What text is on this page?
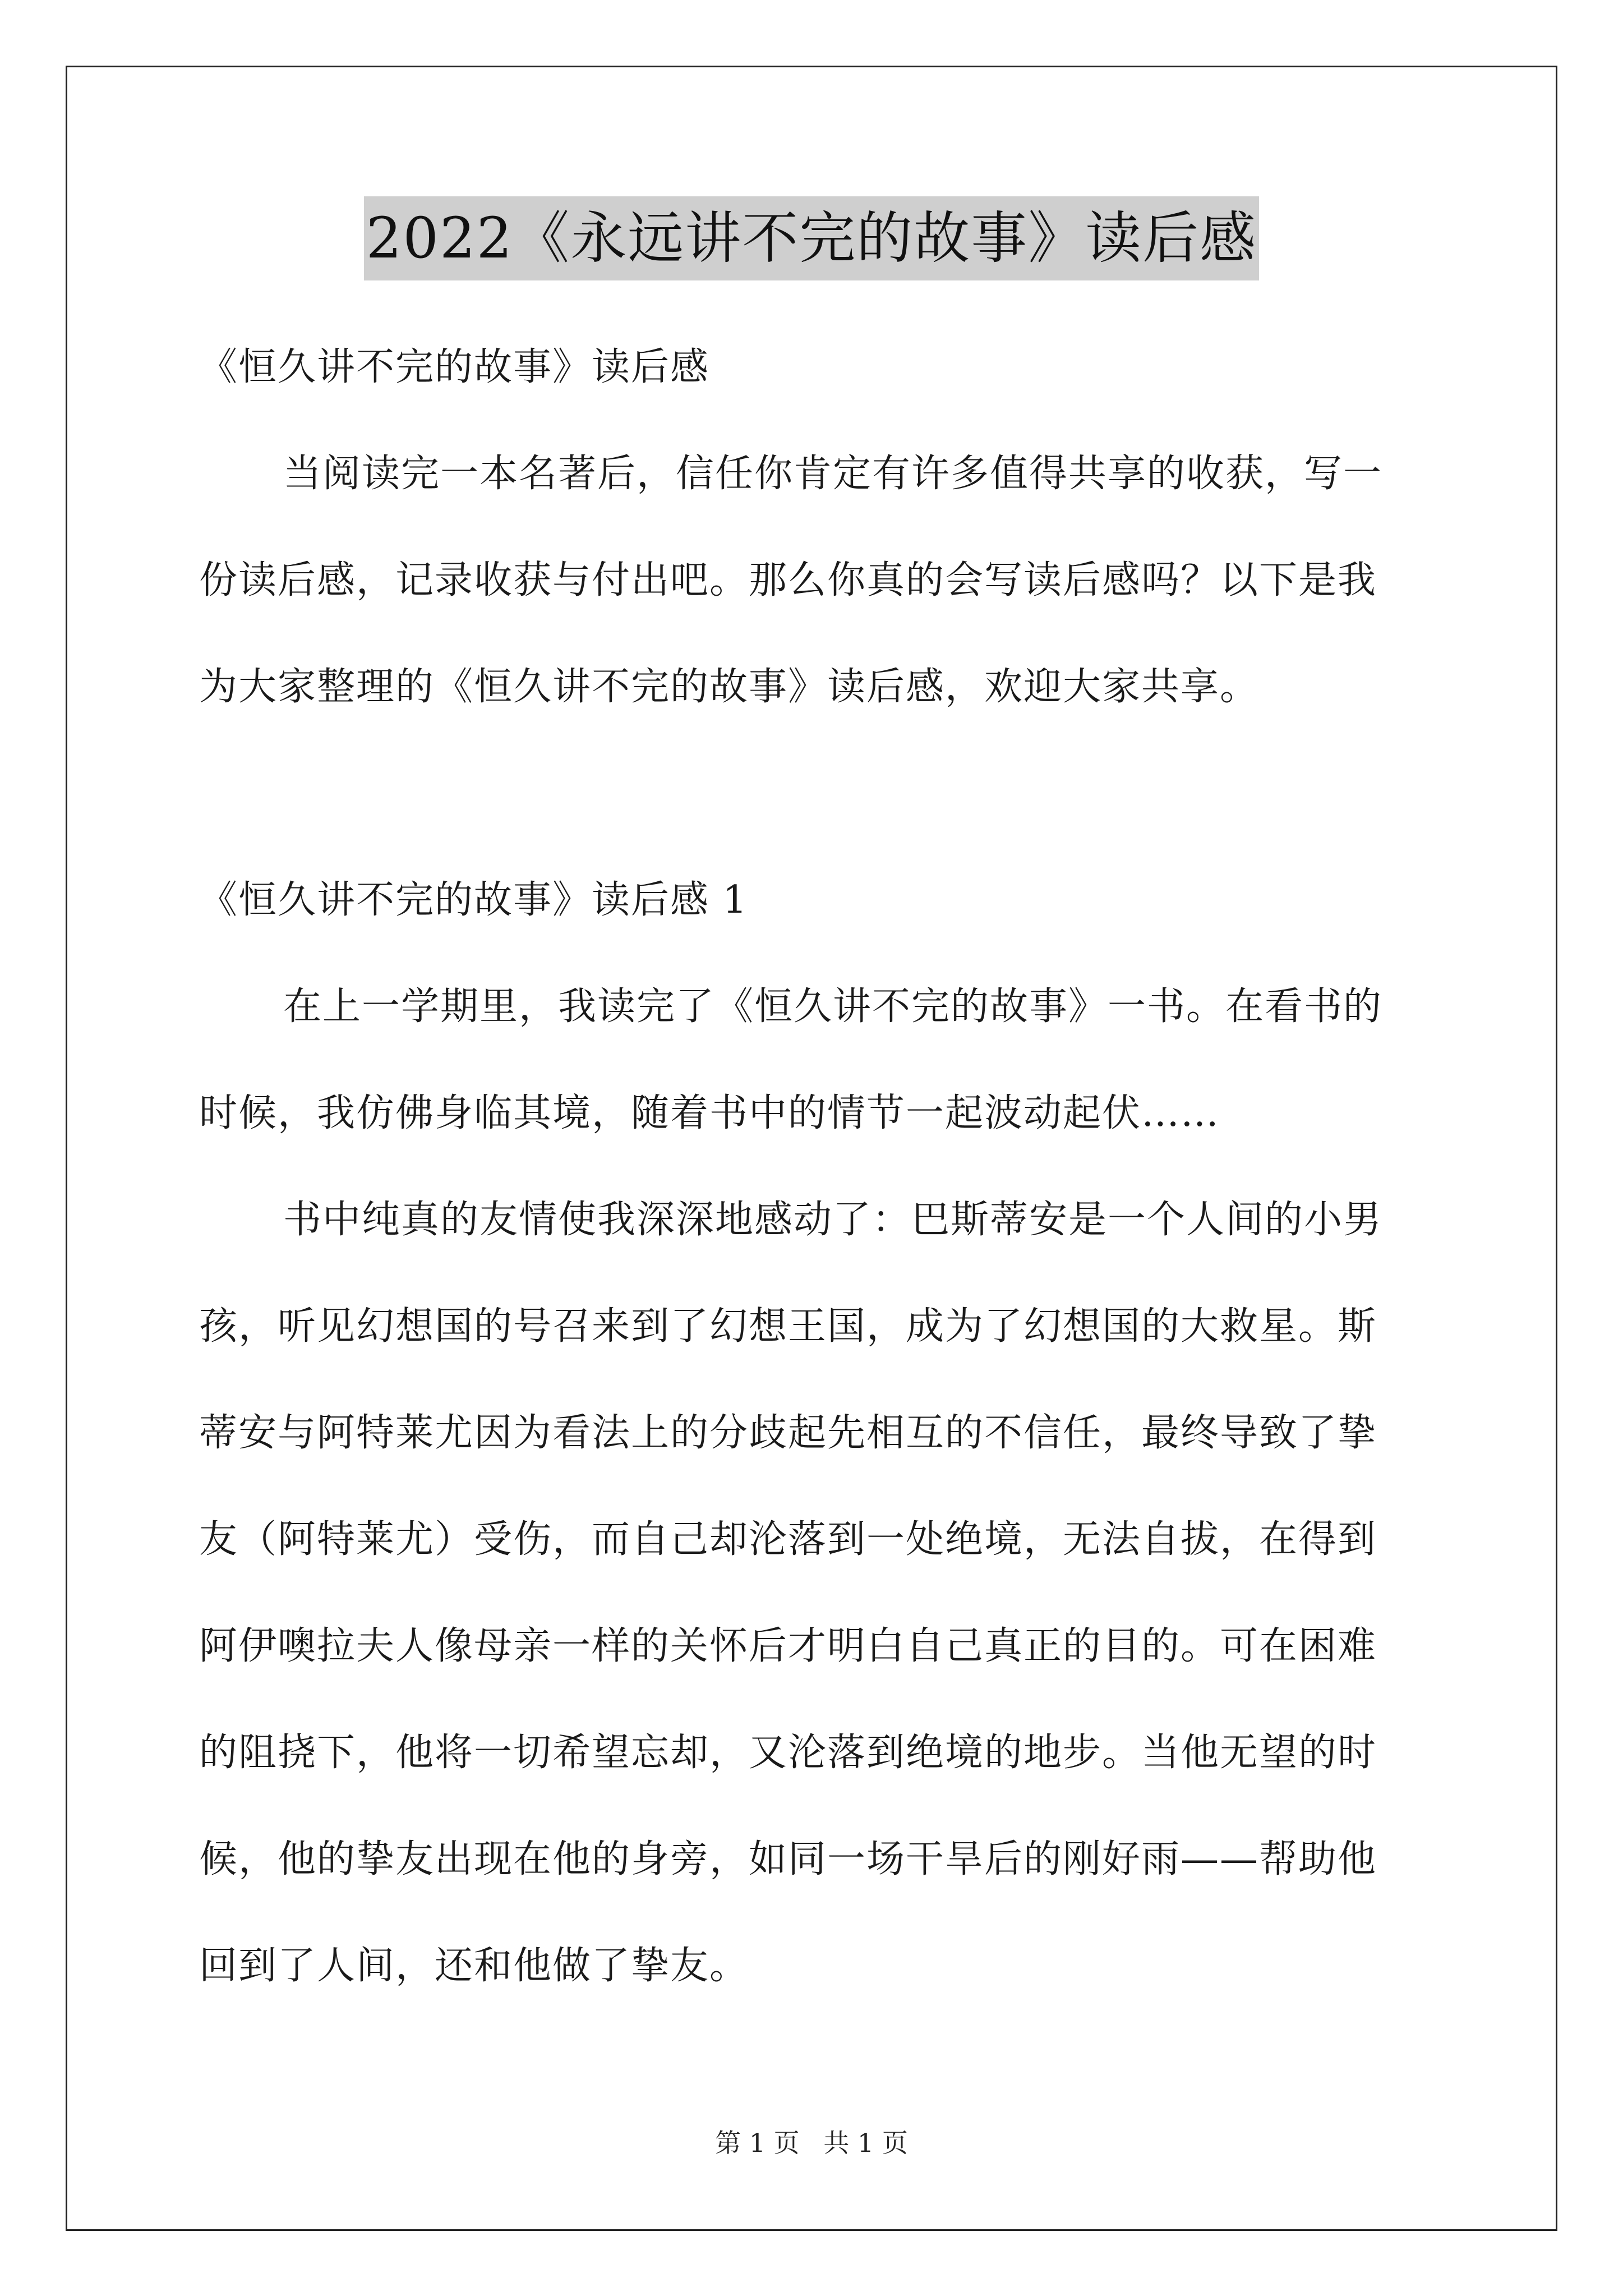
2022《永远讲不完的故事》读后感
《恒久讲不完的故事》读后感
当阅读完一本名著后，信任你肯定有许多值得共享的收获，写一
份读后感，记录收获与付出吧。那么你真的会写读后感吗？以下是我
为大家整理的《恒久讲不完的故事》读后感，欢迎大家共享。
《恒久讲不完的故事》读后感 1
在上一学期里，我读完了《恒久讲不完的故事》一书。在看书的
时候，我仿佛身临其境，随着书中的情节一起波动起伏……
书中纯真的友情使我深深地感动了：巴斯蒂安是一个人间的小男
孩，听见幻想国的号召来到了幻想王国，成为了幻想国的大救星。斯
蒂安与阿特莱尤因为看法上的分歧起先相互的不信任，最终导致了挚
友（阿特莱尤）受伤，而自己却沦落到一处绝境，无法自拔，在得到
阿伊噢拉夫人像母亲一样的关怀后才明白自己真正的目的。可在困难
的阻挠下，他将一切希望忘却，又沦落到绝境的地步。当他无望的时
候，他的挚友出现在他的身旁，如同一场干旱后的刚好雨——帮助他
回到了人间，还和他做了挚友。
第 1 页 共 1 页
